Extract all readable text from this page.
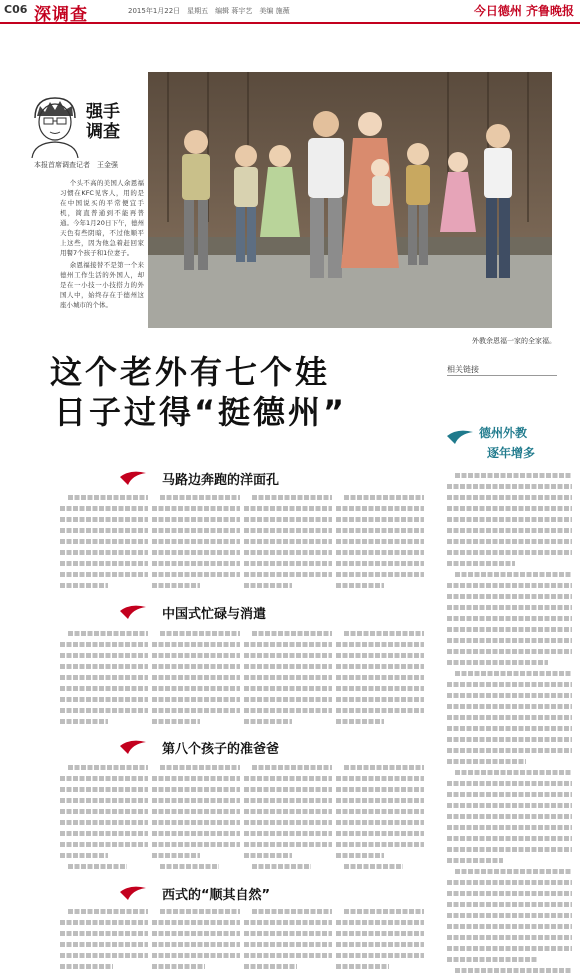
C06 深调查	2015年1月22日　星期五　编辑 蒋宇艺　美编 施薇	今日德州 齐鲁晚报
强手
调查
本报首席调查记者　王金强

个头不高的美国人余恩福习惯在KFC见客人，用的是在中国说买的平常便宜手机，简直普通到不能再普通。今年1月20日下午，德州天色有些阴暗，不过他顺平上这些，因为他急着赶回家用餐7个孩子和1位妻子。

余恩福接替不是第一个来德州工作生活的外国人，却是在一小技一小技搭力的外国人中，始终存在于德州这座小城市的个体。

外教余恩福一家的全家福。
这个老外有七个娃
日子过得“挺德州”
相关链接
德州外教
逐年增多
马路边奔跑的洋面孔
中国式忙碌与消遣
第八个孩子的准爸爸
西式的“顺其自然”
